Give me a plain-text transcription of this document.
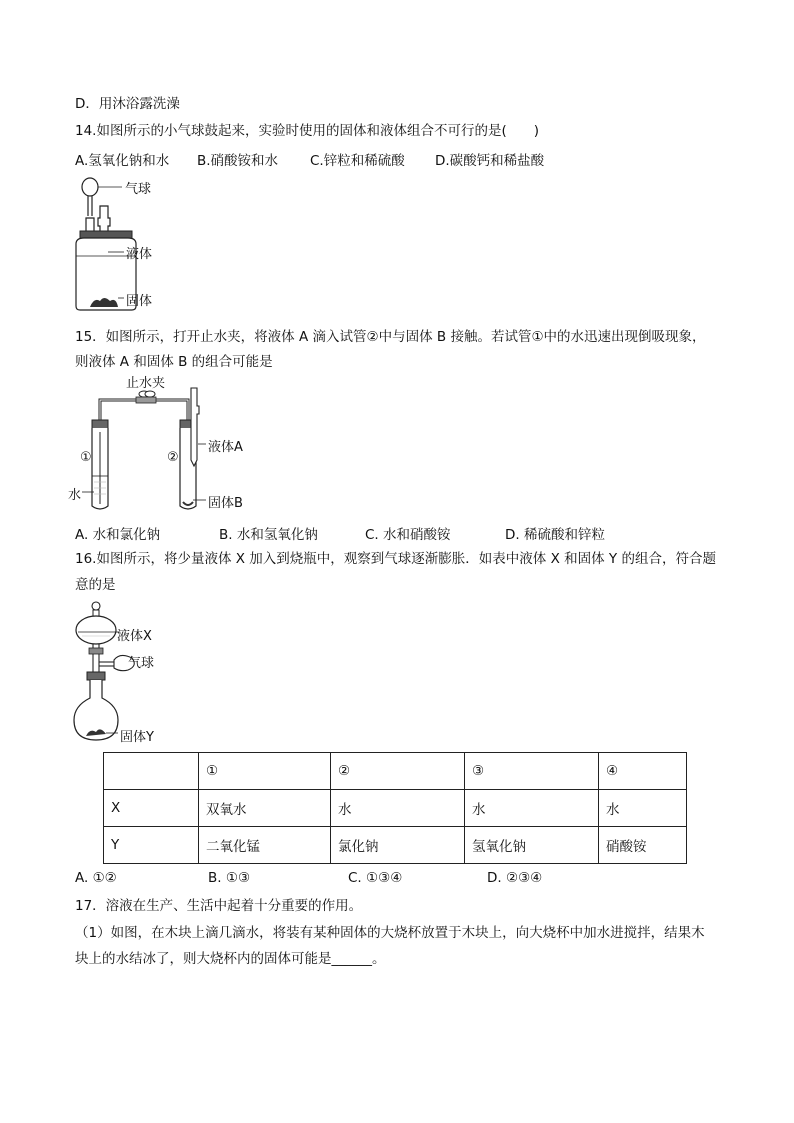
D．用沐浴露洗澡
14.如图所示的小气球鼓起来，实验时使用的固体和液体组合不可行的是(　　)
A.氢氧化钠和水 B.硝酸铵和水 C.锌粒和稀硫酸 D.碳酸钙和稀盐酸
气球
液体
固体
15．如图所示，打开止水夹，将液体 A 滴入试管②中与固体 B 接触。若试管①中的水迅速出现倒吸现象，
则液体 A 和固体 B 的组合可能是
止水夹
①	②
水
液体A
固体B
A. 水和氯化钠	B. 水和氢氧化钠	C. 水和硝酸铵	D. 稀硫酸和锌粒
16.如图所示，将少量液体 X 加入到烧瓶中，观察到气球逐渐膨胀．如表中液体 X 和固体 Y 的组合，符合题
意的是
液体X
气球
固体Y
	①	②	③	④
X	双氧水	水	水	水
Y	二氧化锰	氯化钠	氢氧化钠	硝酸铵
A. ①②	B. ①③	C. ①③④	D. ②③④
17．溶液在生产、生活中起着十分重要的作用。
（1）如图，在木块上滴几滴水，将装有某种固体的大烧杯放置于木块上，向大烧杯中加水进搅拌，结果木
块上的水结冰了，则大烧杯内的固体可能是______。
